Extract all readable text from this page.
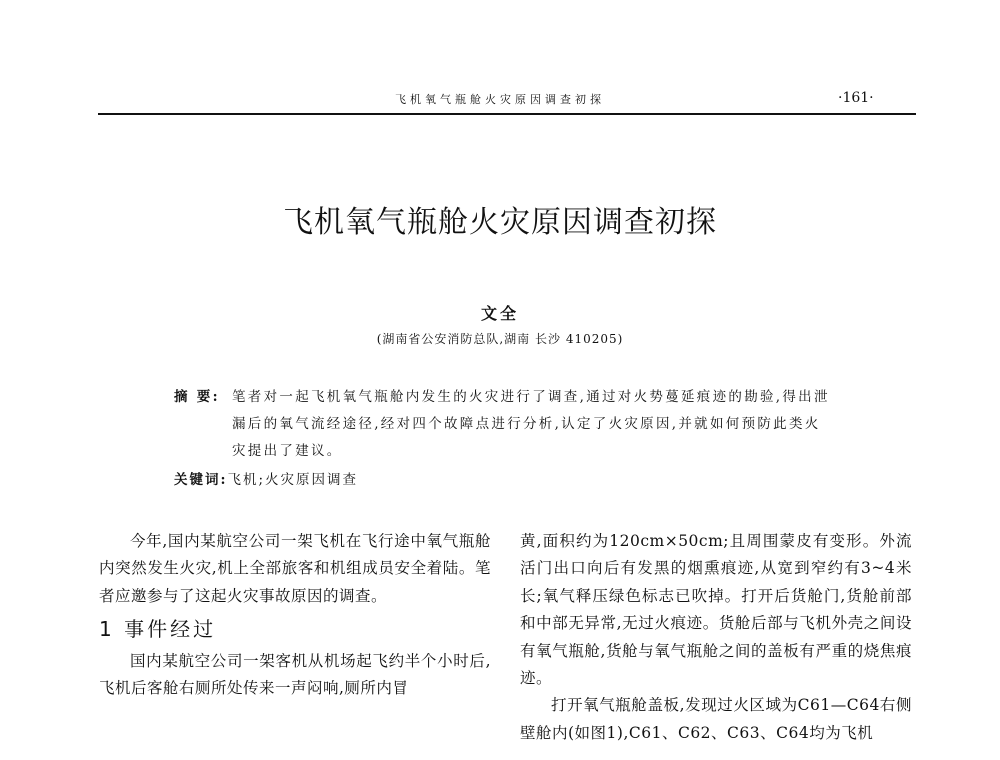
飞机氧气瓶舱火灾原因调查初探	·161·
飞机氧气瓶舱火灾原因调查初探
文全
(湖南省公安消防总队,湖南 长沙 410205)
摘 要: 笔者对一起飞机氧气瓶舱内发生的火灾进行了调查,通过对火势蔓延痕迹的勘验,得出泄漏后的氧气流经途径,经对四个故障点进行分析,认定了火灾原因,并就如何预防此类火灾提出了建议。
关键词:飞机;火灾原因调查

今年,国内某航空公司一架飞机在飞行途中氧气瓶舱内突然发生火灾,机上全部旅客和机组成员安全着陆。笔者应邀参与了这起火灾事故原因的调查。

1 事件经过

国内某航空公司一架客机从机场起飞约半个小时后,飞机后客舱右厕所处传来一声闷响,厕所内冒

黄,面积约为120cm×50cm;且周围蒙皮有变形。外流活门出口向后有发黑的烟熏痕迹,从宽到窄约有3~4米长;氧气释压绿色标志已吹掉。打开后货舱门,货舱前部和中部无异常,无过火痕迹。货舱后部与飞机外壳之间设有氧气瓶舱,货舱与氧气瓶舱之间的盖板有严重的烧焦痕迹。

打开氧气瓶舱盖板,发现过火区域为C61—C64右侧壁舱内(如图1),C61、C62、C63、C64均为飞机
